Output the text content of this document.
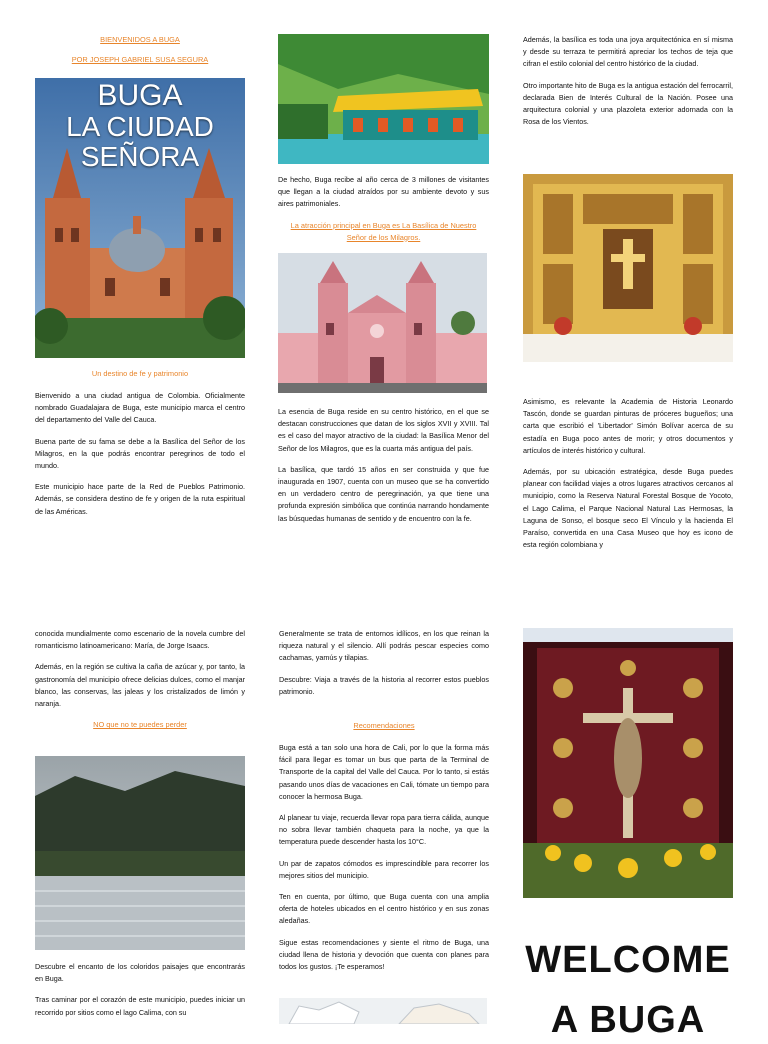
BIENVENIDOS A BUGA

POR JOSEPH GABRIEL SUSA SEGURA

BUGA
LA CIUDAD
SEÑORA

Un destino de fe y patrimonio

Bienvenido a una ciudad antigua de Colombia. Oficialmente nombrado Guadalajara de Buga, este municipio marca el centro del departamento del Valle del Cauca.

Buena parte de su fama se debe a la Basílica del Señor de los Milagros, en la que podrás encontrar peregrinos de todo el mundo.

Este municipio hace parte de la Red de Pueblos Patrimonio. Además, se considera destino de fe y origen de la ruta espiritual de las Américas.

De hecho, Buga recibe al año cerca de 3 millones de visitantes que llegan a la ciudad atraídos por su ambiente devoto y sus aires patrimoniales.

La atracción principal en Buga es La Basílica de Nuestro Señor de los Milagros.

La esencia de Buga reside en su centro histórico, en el que se destacan construcciones que datan de los siglos XVII y XVIII. Tal es el caso del mayor atractivo de la ciudad: la Basílica Menor del Señor de los Milagros, que es la cuarta más antigua del país.

La basílica, que tardó 15 años en ser construida y que fue inaugurada en 1907, cuenta con un museo que se ha convertido en un verdadero centro de peregrinación, ya que tiene una profunda expresión simbólica que continúa narrando hondamente las búsquedas humanas de sentido y de encuentro con la fe.

Además, la basílica es toda una joya arquitectónica en sí misma y desde su terraza te permitirá apreciar los techos de teja que cifran el estilo colonial del centro histórico de la ciudad.

Otro importante hito de Buga es la antigua estación del ferrocarril, declarada Bien de Interés Cultural de la Nación. Posee una arquitectura colonial y una plazoleta exterior adornada con la Rosa de los Vientos.

Asimismo, es relevante la Academia de Historia Leonardo Tascón, donde se guardan pinturas de próceres bugueños; una carta que escribió el 'Libertador' Simón Bolívar acerca de su estadía en Buga poco antes de morir; y otros documentos y artículos de interés histórico y cultural.

Además, por su ubicación estratégica, desde Buga puedes planear con facilidad viajes a otros lugares atractivos cercanos al municipio, como la Reserva Natural Forestal Bosque de Yocoto, el Lago Calima, el Parque Nacional Natural Las Hermosas, la Laguna de Sonso, el bosque seco El Vínculo y la hacienda El Paraíso, convertida en una Casa Museo que hoy es icono de esta región colombiana y

conocida mundialmente como escenario de la novela cumbre del romanticismo latinoamericano: María, de Jorge Isaacs.

Además, en la región se cultiva la caña de azúcar y, por tanto, la gastronomía del municipio ofrece delicias dulces, como el manjar blanco, las conservas, las jaleas y los cristalizados de limón y naranja.

NO que no te puedes perder

Descubre el encanto de los coloridos paisajes que encontrarás en Buga.

Tras caminar por el corazón de este municipio, puedes iniciar un recorrido por sitios como el lago Calima, con su

Generalmente se trata de entornos idílicos, en los que reinan la riqueza natural y el silencio. Allí podrás pescar especies como cachamas, yamús y tilapias.

Descubre: Viaja a través de la historia al recorrer estos pueblos patrimonio.

Recomendaciones

Buga está a tan solo una hora de Cali, por lo que la forma más fácil para llegar es tomar un bus que parta de la Terminal de Transporte de la capital del Valle del Cauca. Por lo tanto, si estás pasando unos días de vacaciones en Cali, tómate un tiempo para conocer la hermosa Buga.

Al planear tu viaje, recuerda llevar ropa para tierra cálida, aunque no sobra llevar también chaqueta para la noche, ya que la temperatura puede descender hasta los 10°C.

Un par de zapatos cómodos es imprescindible para recorrer los mejores sitios del municipio.

Ten en cuenta, por último, que Buga cuenta con una amplia oferta de hoteles ubicados en el centro histórico y en sus zonas aledañas.

Sigue estas recomendaciones y siente el ritmo de Buga, una ciudad llena de historia y devoción que cuenta con planes para todos los gustos. ¡Te esperamos!	WELCOME
A BUGA
